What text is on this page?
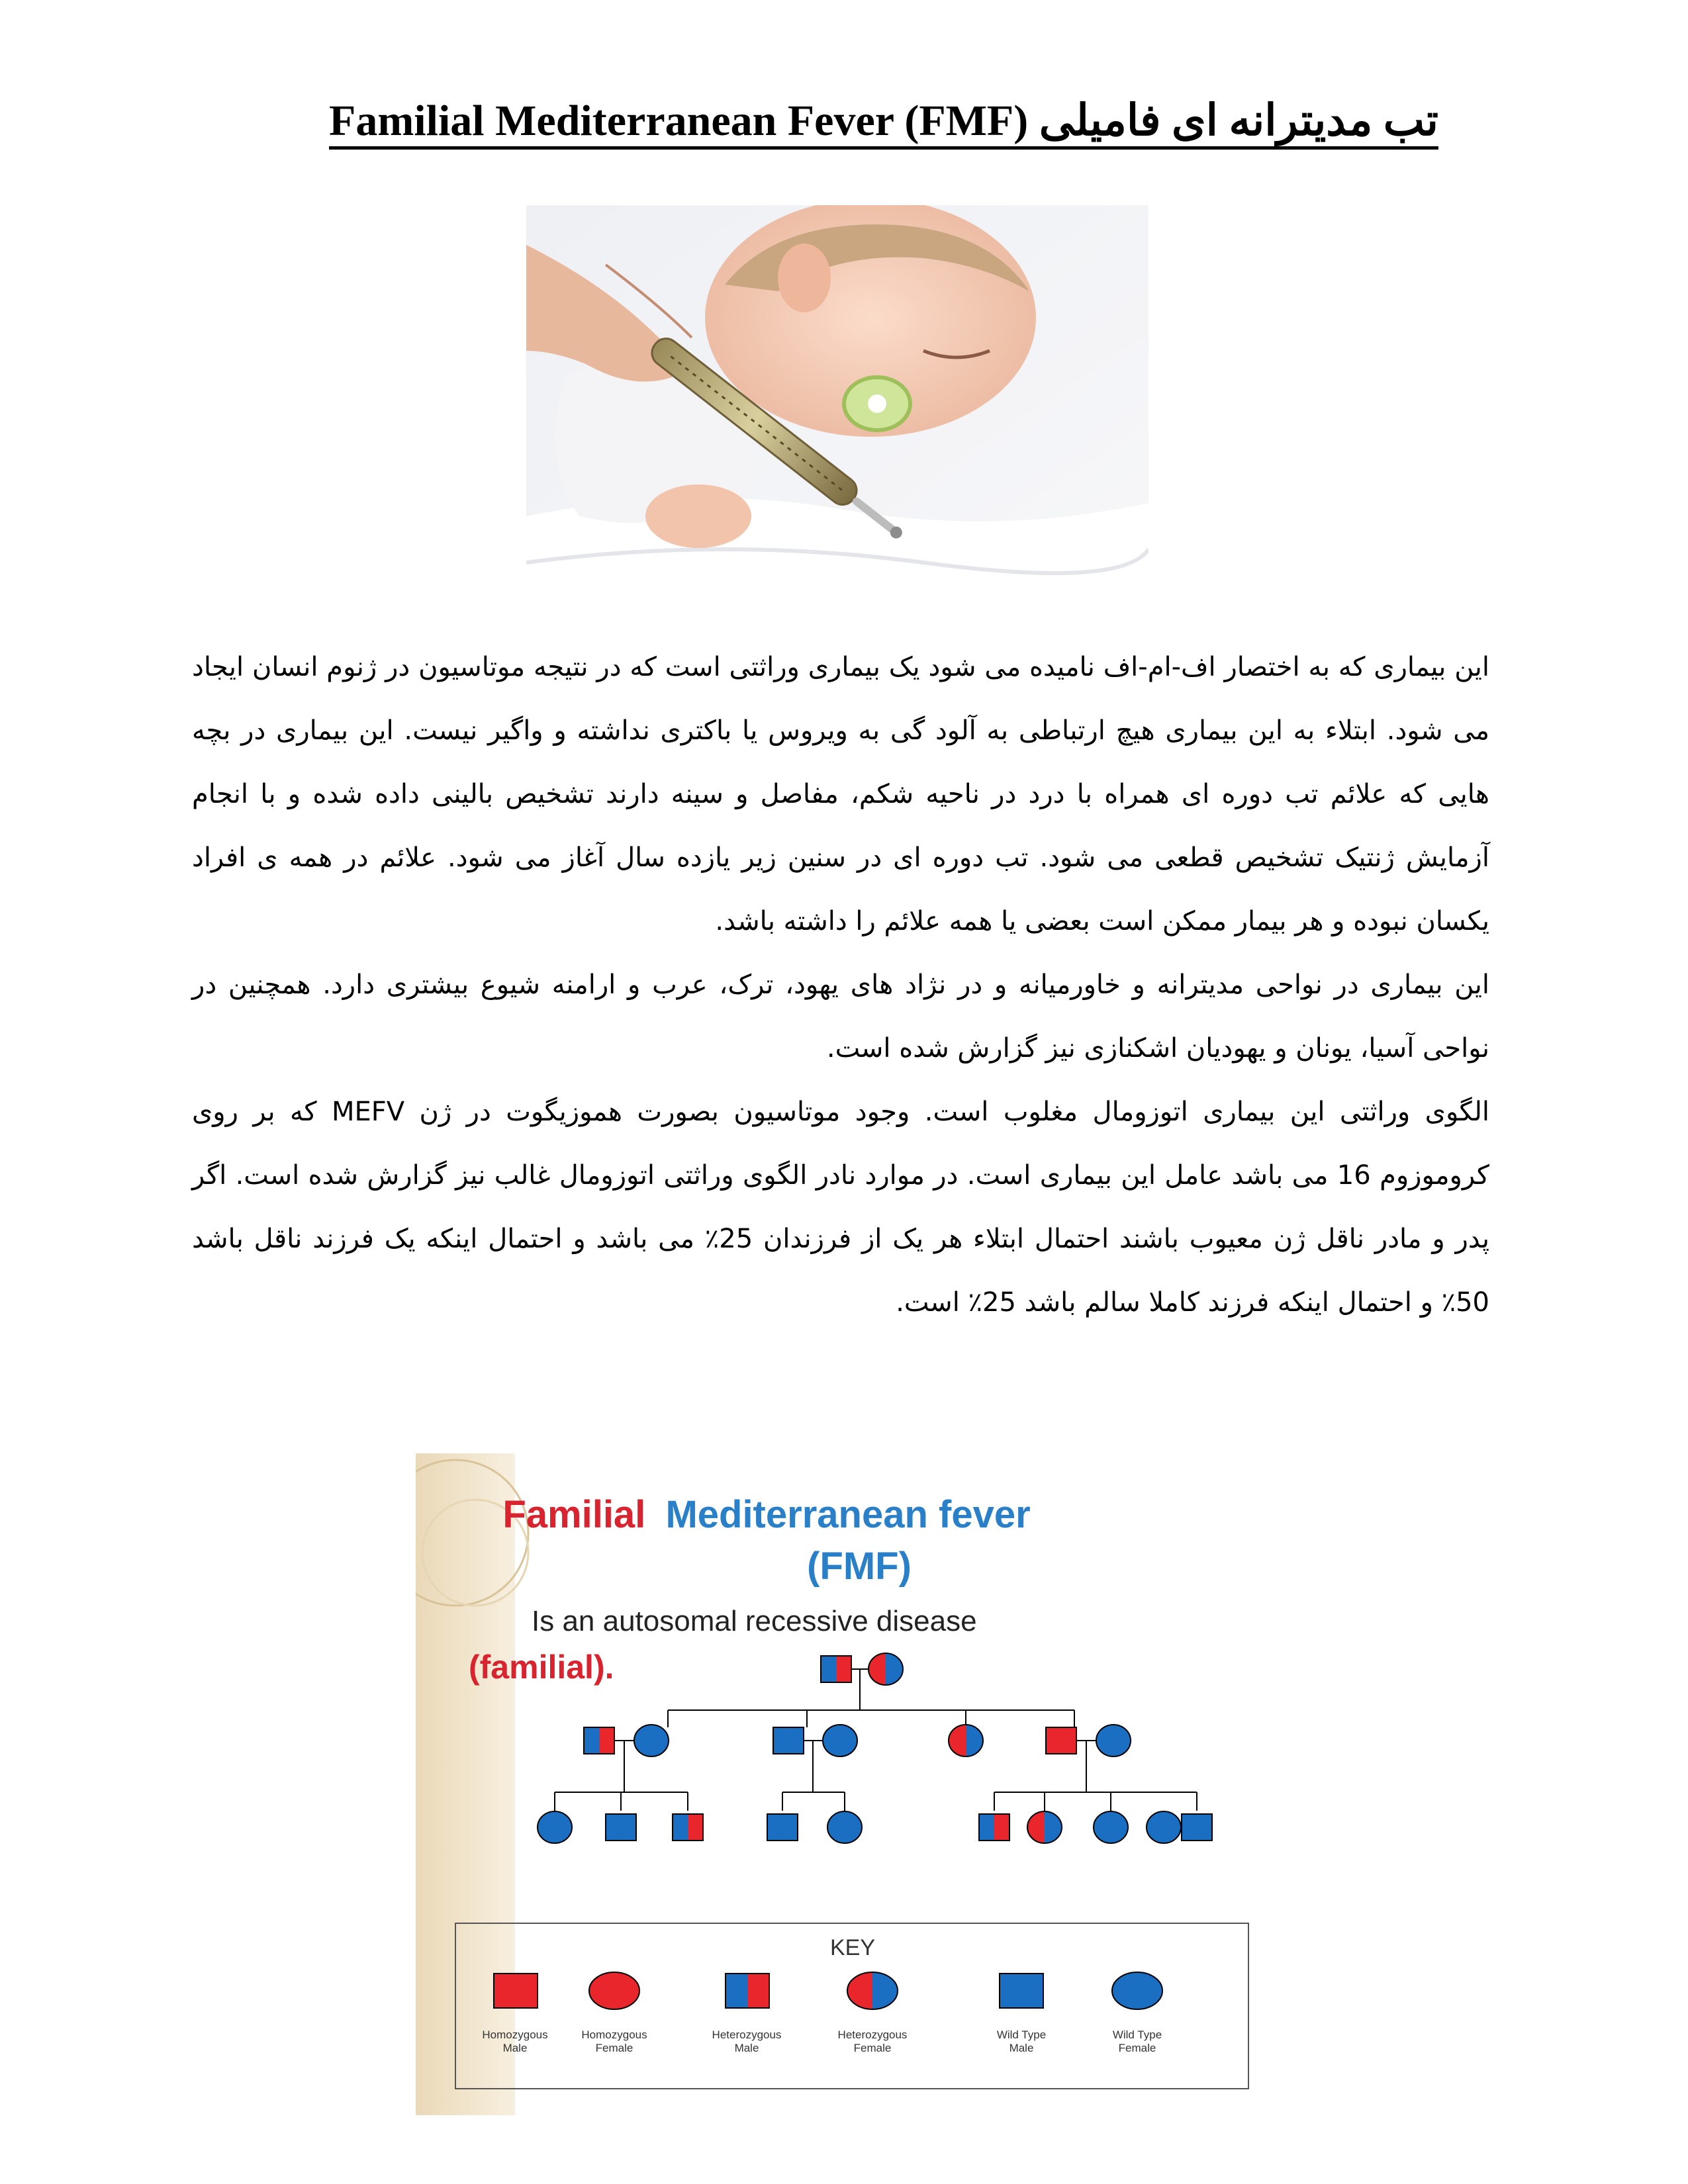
Familial Mediterranean Fever (FMF) تب مدیترانه ای فامیلی

این بیماری که به اختصار اف-ام-اف نامیده می شود یک بیماری وراثتی است که در نتیجه موتاسیون در ژنوم انسان ایجاد می شود. ابتلاء به این بیماری هیچ ارتباطی به آلود گی به ویروس یا باکتری نداشته و واگیر نیست. این بیماری در بچه هایی که علائم تب دوره ای همراه با درد در ناحیه شکم، مفاصل و سینه دارند تشخیص بالینی داده شده و با انجام آزمایش ژنتیک تشخیص قطعی می شود. تب دوره ای در سنین زیر یازده سال آغاز می شود. علائم در همه ی افراد یکسان نبوده و هر بیمار ممکن است بعضی یا همه علائم را داشته باشد.

این بیماری در نواحی مدیترانه و خاورمیانه و در نژاد های یهود، ترک، عرب و ارامنه شیوع بیشتری دارد. همچنین در نواحی آسیا، یونان و یهودیان اشکنازی نیز گزارش شده است.

الگوی وراثتی این بیماری اتوزومال مغلوب است. وجود موتاسیون بصورت هموزیگوت در ژن MEFV که بر روی کروموزوم 16 می باشد عامل این بیماری است. در موارد نادر الگوی وراثتی اتوزومال غالب نیز گزارش شده است. اگر پدر و مادر ناقل ژن معیوب باشند احتمال ابتلاء هر یک از فرزندان 25٪ می باشد و احتمال اینکه یک فرزند ناقل باشد 50٪ و احتمال اینکه فرزند کاملا سالم باشد 25٪ است.

Familial Mediterranean fever
(FMF)
Is an autosomal recessive disease
(familial).
KEY
Homozygous
Male
Homozygous
Female
Heterozygous
Male
Heterozygous
Female
Wild Type
Male
Wild Type
Female
